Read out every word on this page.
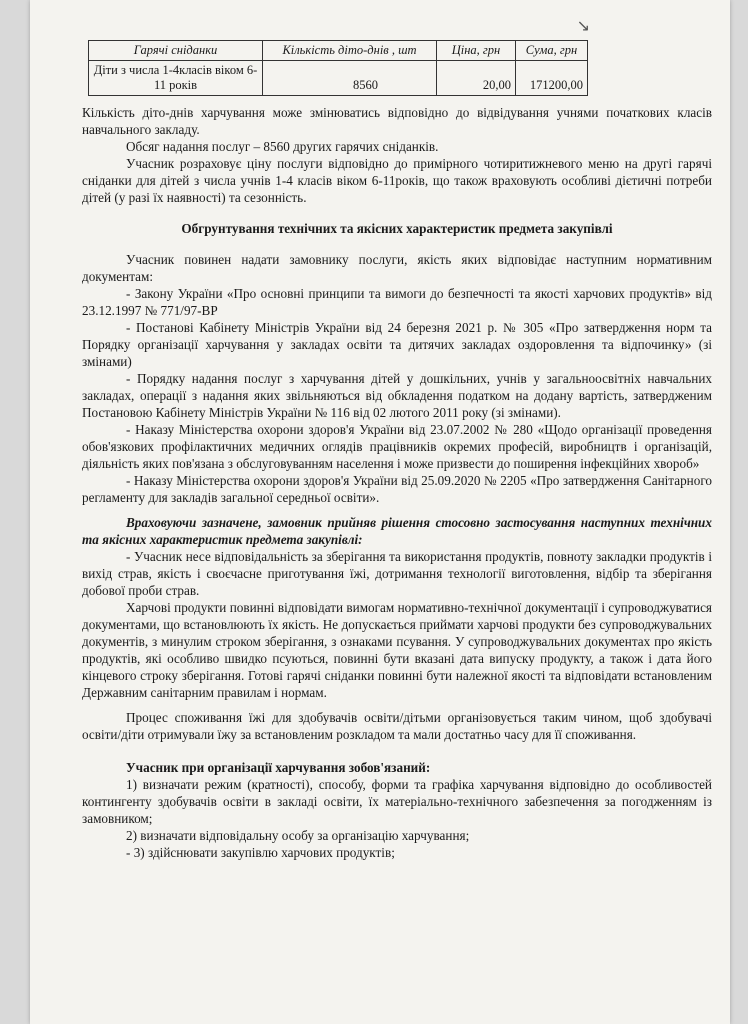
↘
Гарячі сніданки	Кількість дітo-днів , шт	Ціна, грн	Сума, грн
Діти з числа 1-4класів віком 6-11 років	8560	20,00	171200,00

Кількість дітo-днів харчування може змінюватись відповідно до відвідування учнями початкових класів навчального закладу.

Обсяг надання послуг – 8560 других гарячих сніданків.

Учасник розраховує ціну послуги відповідно до примірного чотиритижневого меню на другі гарячі сніданки для дітей з числа учнів 1-4 класів віком 6-11років, що також враховують особливі дієтичні потреби дітей (у разі їх наявності) та сезонність.

Обгрунтування технічних та якісних характеристик предмета закупівлі

Учасник повинен надати замовнику послуги, якість яких відповідає наступним нормативним документам:

- Закону України «Про основні принципи та вимоги до безпечності та якості харчових продуктів» від 23.12.1997 № 771/97-ВР

- Постанові Кабінету Міністрів України від 24 березня 2021 р. № 305 «Про затвердження норм та Порядку організації харчування у закладах освіти та дитячих закладах оздоровлення та відпочинку» (зі змінами)

- Порядку надання послуг з харчування дітей у дошкільних, учнів у загальноосвітніх навчальних закладах, операції з надання яких звільняються від обкладення податком на додану вартість, затвердженим Постановою Кабінету Міністрів України № 116 від 02 лютого 2011 року (зі змінами).

- Наказу Міністерства охорони здоров'я України від 23.07.2002 № 280 «Щодо організації проведення обов'язкових профілактичних медичних оглядів працівників окремих професій, виробництв і організацій, діяльність яких пов'язана з обслуговуванням населення і може призвести до поширення інфекційних хвороб»

- Наказу Міністерства охорони здоров'я України від 25.09.2020 № 2205 «Про затвердження Санітарного регламенту для закладів загальної середньої освіти».

Враховуючи зазначене, замовник прийняв рішення стосовно застосування наступних технічних та якісних характеристик предмета закупівлі:

- Учасник несе відповідальність за зберігання та використання продуктів, повноту закладки продуктів і вихід страв, якість і своєчасне приготування їжі, дотримання технології виготовлення, відбір та зберігання добової проби страв.

Харчові продукти повинні відповідати вимогам нормативно-технічної документації і супроводжуватися документами, що встановлюють їх якість. Не допускається приймати харчові продукти без супроводжувальних документів, з минулим строком зберігання, з ознаками псування. У супроводжувальних документах про якість продуктів, які особливо швидко псуються, повинні бути вказані дата випуску продукту, а також і дата його кінцевого строку зберігання. Готові гарячі сніданки повинні бути належної якості та відповідати встановленим Державним санітарним правилам і нормам.

Процес споживання їжі для здобувачів освіти/дітьми організовується таким чином, щоб здобувачі освіти/діти отримували їжу за встановленим розкладом та мали достатньо часу для її споживання.

Учасник при організації харчування зобов'язаний:

1) визначати режим (кратності), способу, форми та графіка харчування відповідно до особливостей контингенту здобувачів освіти в закладі освіти, їх матеріально-технічного забезпечення за погодженням із замовником;
2) визначати відповідальну особу за організацію харчування;
- 3) здійснювати закупівлю харчових продуктів;
